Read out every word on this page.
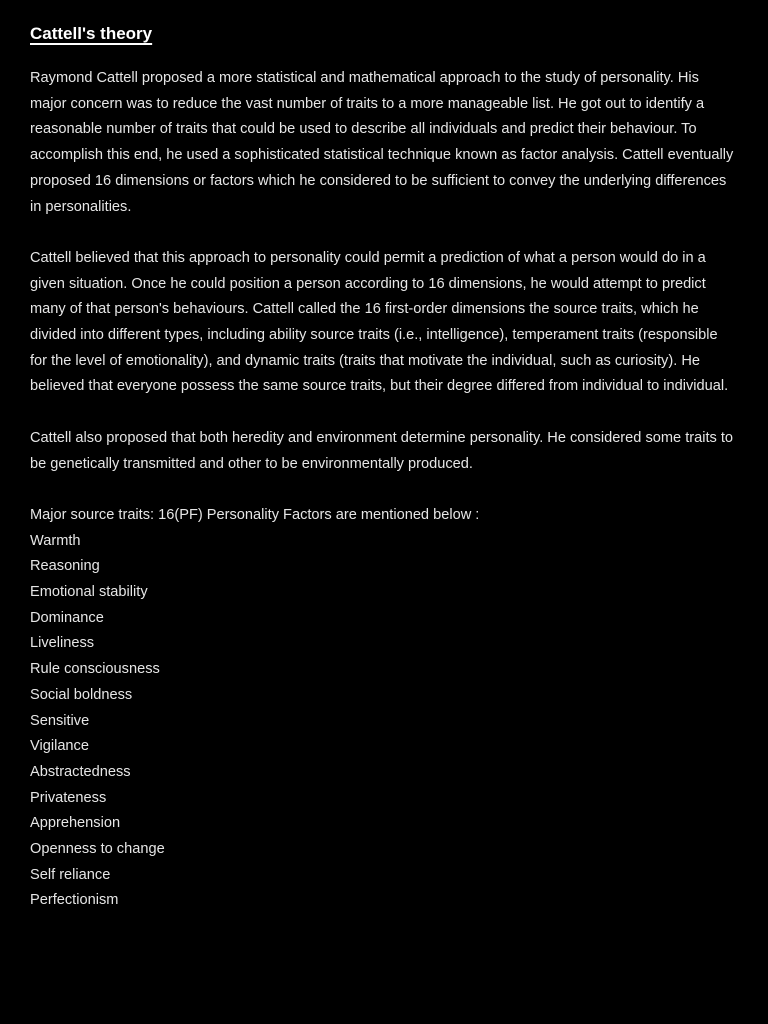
Cattell's theory

Raymond Cattell proposed a more statistical and mathematical approach to the study of personality. His major concern was to reduce the vast number of traits to a more manageable list. He got out to identify a reasonable number of traits that could be used to describe all individuals and predict their behaviour. To accomplish this end, he used a sophisticated statistical technique known as factor analysis. Cattell eventually proposed 16 dimensions or factors which he considered to be sufficient to convey the underlying differences in personalities.

Cattell believed that this approach to personality could permit a prediction of what a person would do in a given situation. Once he could position a person according to 16 dimensions, he would attempt to predict many of that person's behaviours. Cattell called the 16 first-order dimensions the source traits, which he divided into different types, including ability source traits (i.e., intelligence), temperament traits (responsible for the level of emotionality), and dynamic traits (traits that motivate the individual, such as curiosity). He believed that everyone possess the same source traits, but their degree differed from individual to individual.

Cattell also proposed that both heredity and environment determine personality. He considered some traits to be genetically transmitted and other to be environmentally produced.

Major source traits: 16(PF) Personality Factors are mentioned below :

Warmth
Reasoning
Emotional stability
Dominance
Liveliness
Rule consciousness
Social boldness
Sensitive
Vigilance
Abstractedness
Privateness
Apprehension
Openness to change
Self reliance
Perfectionism
